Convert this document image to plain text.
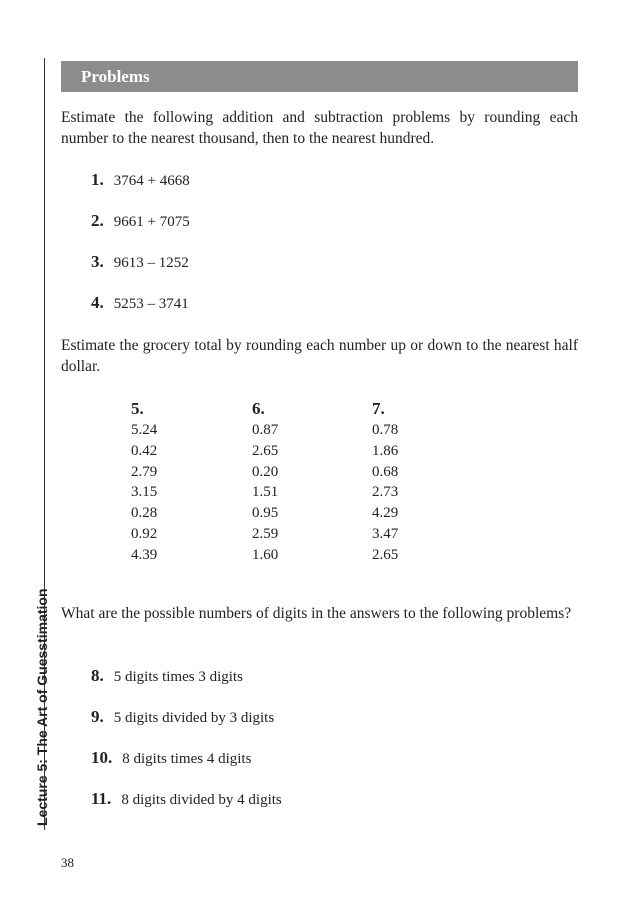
Lecture 5: The Art of Guesstimation
Problems
Estimate the following addition and subtraction problems by rounding each number to the nearest thousand, then to the nearest hundred.
1. 3764 + 4668
2. 9661 + 7075
3. 9613 – 1252
4. 5253 – 3741
Estimate the grocery total by rounding each number up or down to the nearest half dollar.
5.
5.24
0.42
2.79
3.15
0.28
0.92
4.39
6.
0.87
2.65
0.20
1.51
0.95
2.59
1.60
7.
0.78
1.86
0.68
2.73
4.29
3.47
2.65
What are the possible numbers of digits in the answers to the following problems?
8. 5 digits times 3 digits
9. 5 digits divided by 3 digits
10. 8 digits times 4 digits
11. 8 digits divided by 4 digits
38
